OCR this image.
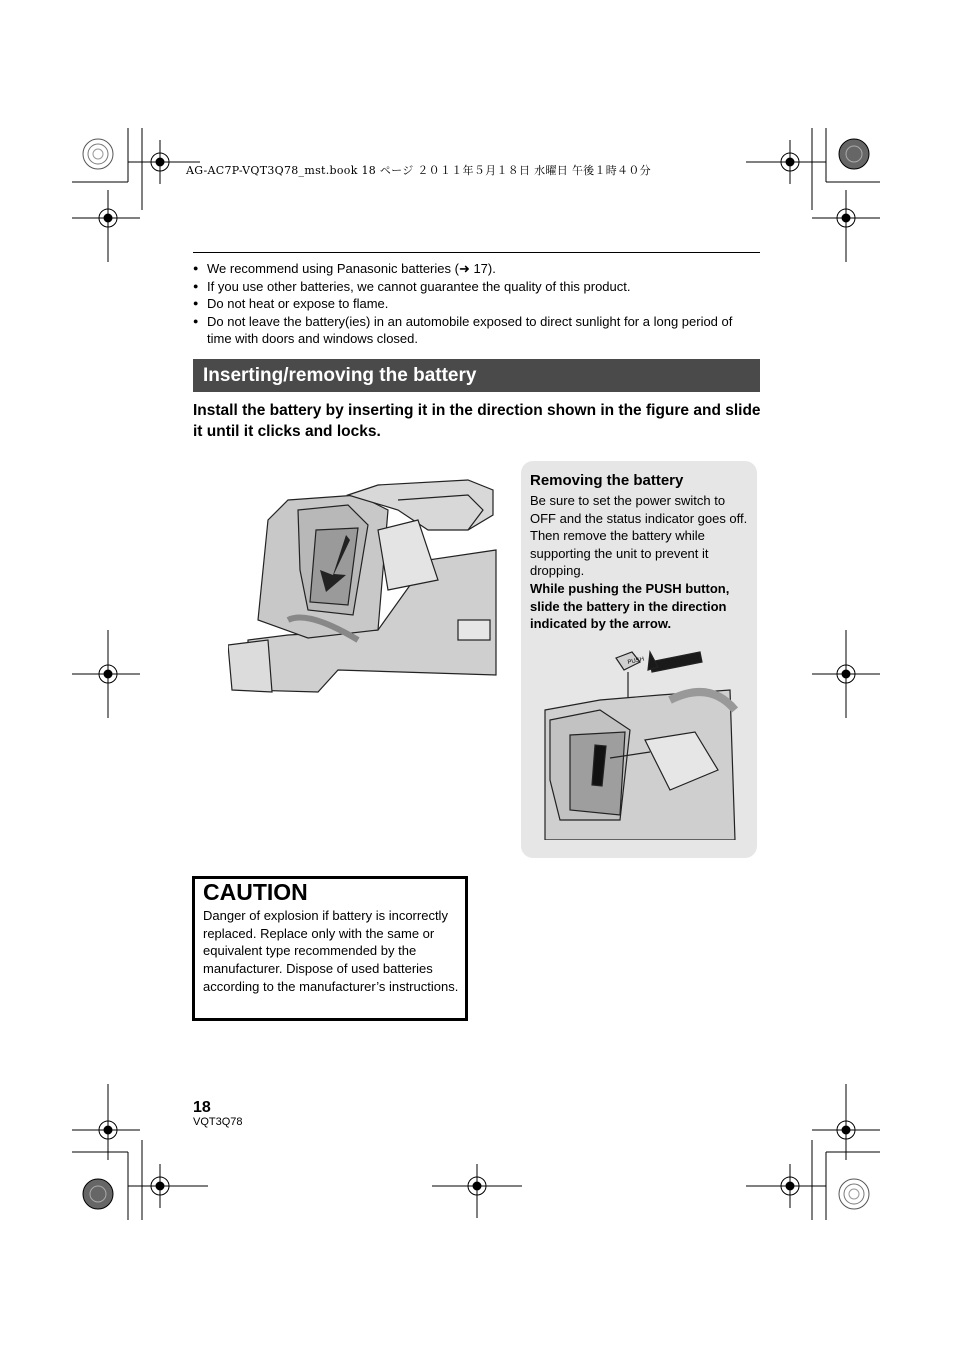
AG-AC7P-VQT3Q78_mst.book 18 ページ ２０１１年５月１８日 水曜日 午後１時４０分
● We recommend using Panasonic batteries (➜ 17).
● If you use other batteries, we cannot guarantee the quality of this product.
● Do not heat or expose to flame.
● Do not leave the battery(ies) in an automobile exposed to direct sunlight for a long period of time with doors and windows closed.
Inserting/removing the battery
Install the battery by inserting it in the direction shown in the figure and slide it until it clicks and locks.
Removing the battery
Be sure to set the power switch to OFF and the status indicator goes off. Then remove the battery while supporting the unit to prevent it dropping.
While pushing the PUSH button, slide the battery in the direction indicated by the arrow.
PUSH
CAUTION
Danger of explosion if battery is incorrectly replaced. Replace only with the same or equivalent type recommended by the manufacturer. Dispose of used batteries according to the manufacturer’s instructions.
18
VQT3Q78
